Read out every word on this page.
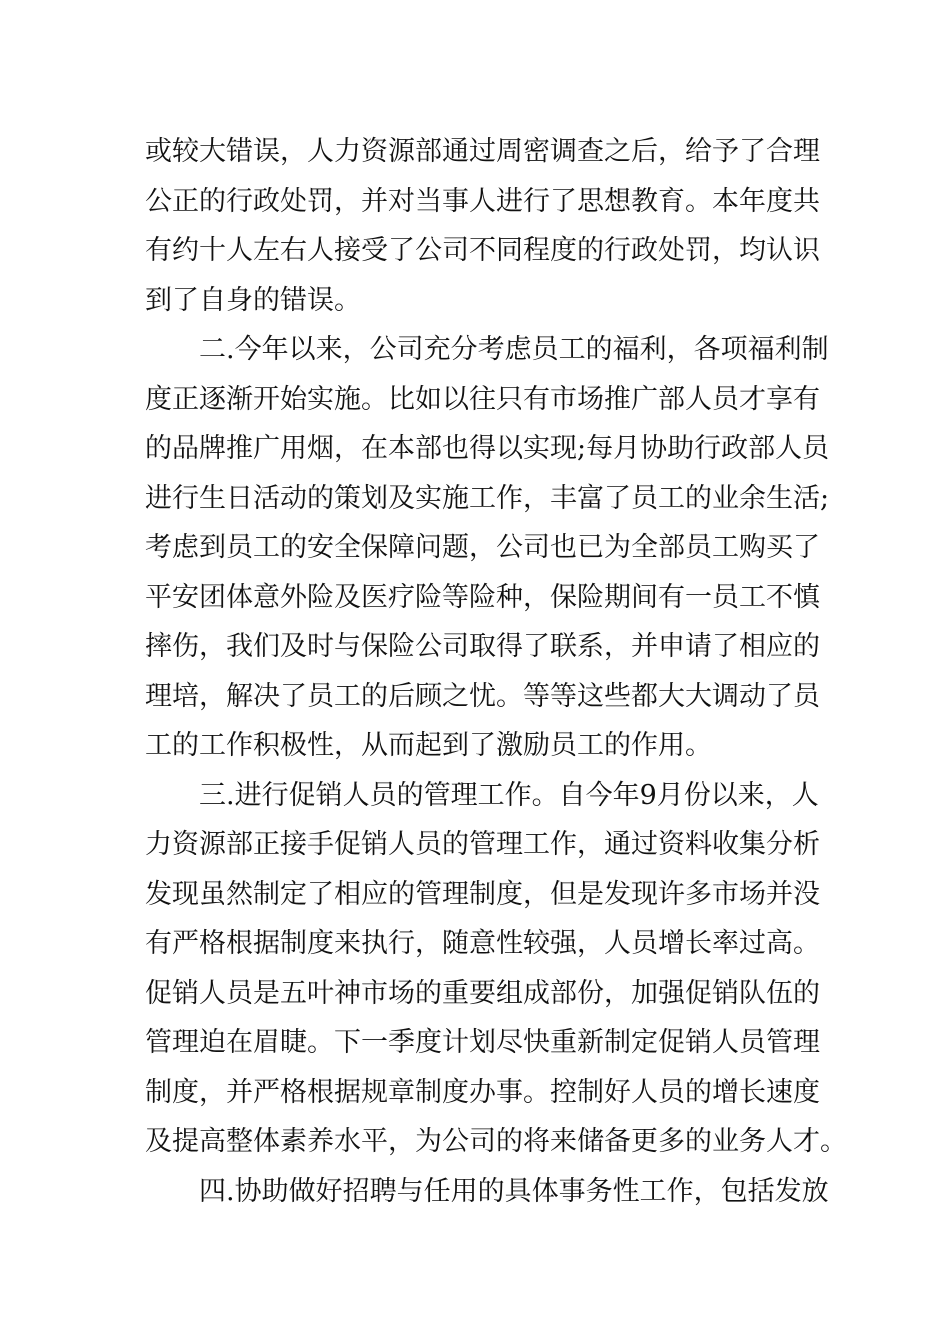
或较大错误，人力资源部通过周密调查之后，给予了合理
公正的行政处罚，并对当事人进行了思想教育。本年度共
有约十人左右人接受了公司不同程度的行政处罚，均认识
到了自身的错误。
二.今年以来，公司充分考虑员工的福利，各项福利制
度正逐渐开始实施。比如以往只有市场推广部人员才享有
的品牌推广用烟，在本部也得以实现;每月协助行政部人员
进行生日活动的策划及实施工作，丰富了员工的业余生活;
考虑到员工的安全保障问题，公司也已为全部员工购买了
平安团体意外险及医疗险等险种，保险期间有一员工不慎
摔伤，我们及时与保险公司取得了联系，并申请了相应的
理培，解决了员工的后顾之忧。等等这些都大大调动了员
工的工作积极性，从而起到了激励员工的作用。
三.进行促销人员的管理工作。自今年9月份以来，人
力资源部正接手促销人员的管理工作，通过资料收集分析
发现虽然制定了相应的管理制度，但是发现许多市场并没
有严格根据制度来执行，随意性较强，人员增长率过高。
促销人员是五叶神市场的重要组成部份，加强促销队伍的
管理迫在眉睫。下一季度计划尽快重新制定促销人员管理
制度，并严格根据规章制度办事。控制好人员的增长速度
及提高整体素养水平，为公司的将来储备更多的业务人才。
四.协助做好招聘与任用的具体事务性工作，包括发放
